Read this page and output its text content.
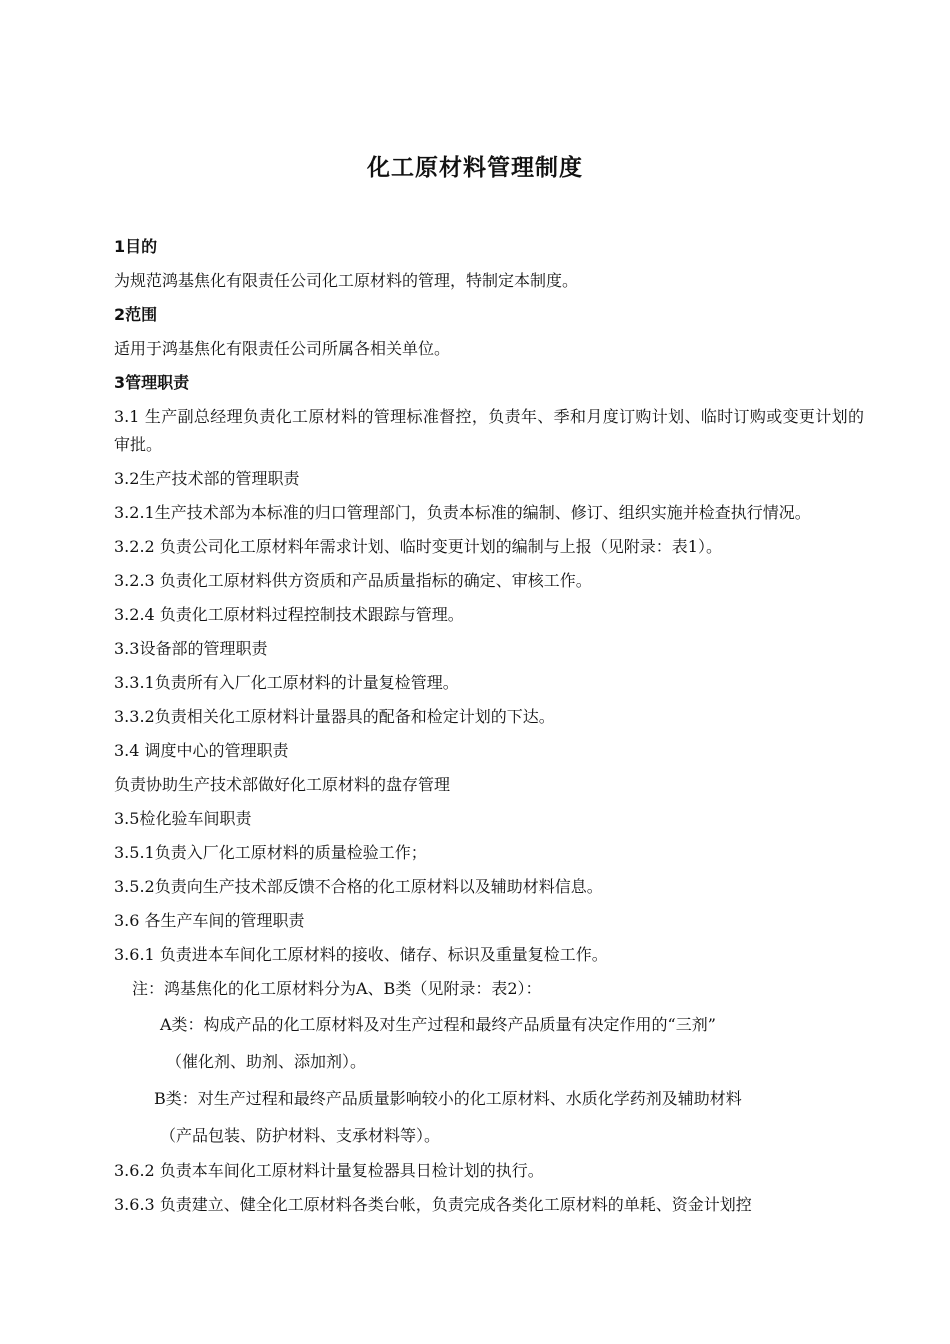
化工原材料管理制度
1目的
为规范鸿基焦化有限责任公司化工原材料的管理，特制定本制度。
2范围
适用于鸿基焦化有限责任公司所属各相关单位。
3管理职责
3.1 生产副总经理负责化工原材料的管理标准督控，负责年、季和月度订购计划、临时订购或变更计划的审批。
3.2生产技术部的管理职责
3.2.1生产技术部为本标准的归口管理部门，负责本标准的编制、修订、组织实施并检查执行情况。
3.2.2 负责公司化工原材料年需求计划、临时变更计划的编制与上报（见附录：表1）。
3.2.3 负责化工原材料供方资质和产品质量指标的确定、审核工作。
3.2.4 负责化工原材料过程控制技术跟踪与管理。
3.3设备部的管理职责
3.3.1负责所有入厂化工原材料的计量复检管理。
3.3.2负责相关化工原材料计量器具的配备和检定计划的下达。
3.4 调度中心的管理职责
负责协助生产技术部做好化工原材料的盘存管理
3.5检化验车间职责
3.5.1负责入厂化工原材料的质量检验工作；
3.5.2负责向生产技术部反馈不合格的化工原材料以及辅助材料信息。
3.6 各生产车间的管理职责
3.6.1 负责进本车间化工原材料的接收、储存、标识及重量复检工作。
注：鸿基焦化的化工原材料分为A、B类（见附录：表2）：
A类：构成产品的化工原材料及对生产过程和最终产品质量有决定作用的“三剂”
（催化剂、助剂、添加剂）。
B类：对生产过程和最终产品质量影响较小的化工原材料、水质化学药剂及辅助材料
（产品包装、防护材料、支承材料等）。
3.6.2 负责本车间化工原材料计量复检器具日检计划的执行。
3.6.3 负责建立、健全化工原材料各类台帐，负责完成各类化工原材料的单耗、资金计划控
